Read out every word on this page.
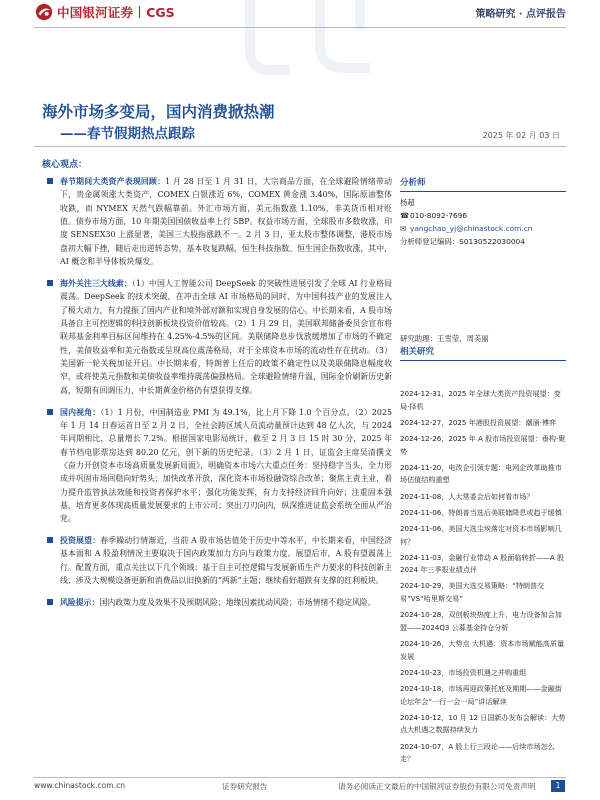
中国银河证券 CGS	策略研究 · 点评报告
海外市场多变局，国内消费掀热潮
——春节假期热点跟踪	2025 年 02 月 03 日
核心观点：
春节期间大类资产表现回顾：1 月 28 日至 1 月 31 日，大宗商品方面，在全球避险情绪带动下，贵金属领涨大类资产，COMEX 白银涨近 6%，COMEX 黄金涨 3.40%，国际原油整体收跌，而 NYMEX 天然气跌幅靠前。外汇市场方面，美元指数涨 1.10%，非美货币相对贬值。债券市场方面，10 年期美国国债收益率上行 5BP。权益市场方面，全球股市多数收涨，印度 SENSEX30 上涨显著，美国三大股指涨跌不一。2 月 3 日，亚太股市整体调整，港股市场盘初大幅下挫，随后走出逆转态势，基本收复跌幅，恒生科技指数、恒生国企指数收涨，其中，AI 概念和半导体板块爆发。
海外关注三大线索：（1）中国人工智能公司 DeepSeek 的突破性进展引发了全球 AI 行业格局震荡。DeepSeek 的技术突破，在冲击全球 AI 市场格局的同时，为中国科技产业的发展注入了极大动力，有力提振了国内产业和境外部对额和实现自身发展的信心。中长期来看，A 股市场具备自主可控逻辑的科技创新板块投资价值较高。（2）1 月 29 日，美国联邦储备委员会宣布将联邦基金利率目标区间维持在 4.25%-4.5%的区间。美联储降息步伐放缓增加了市场的不确定性，美债收益率和美元指数或呈现高位震荡格局，对于全球资本市场的流动性存在扰动。（3）美国新一轮关税加征开启。中长期来看，特朗普上任后的政策不确定性以及美联储降息幅度收窄，或将使美元指数和美债收益率维持震荡偏强格局。全球避险情绪升温，国际金价刷新历史新高，短期有回调压力，中长期黄金价格仍有望获得支撑。
国内视角：（1）1 月份，中国制造业 PMI 为 49.1%，比上月下降 1.0 个百分点。（2）2025 年 1 月 14 日春运首日至 2 月 2 日，全社会跨区域人员流动量预计达到 48 亿人次，与 2024 年同期相比，总量增长 7.2%。根据国家电影局统计，截至 2 月 3 日 15 时 30 分，2025 年春节档电影票房达到 80.20 亿元，创下新的历史纪录。（3）2 月 1 日，证监会主席吴清撰文《奋力开创资本市场高质量发展新局面》，明确资本市场六大重点任务：坚持稳字当头，全力形成并巩固市场回稳向好势头；加快改革开放，深化资本市场投融资综合改革；聚焦主责主业，着力提升监管执法效能和投资者保护水平；强化功能发挥，有力支持经济回升向好；注重固本强基，培育更多体现高质量发展要求的上市公司；突出刀刃向内，纵深推进证监会系统全面从严治党。
投资展望：春季躁动行情渐近，当前 A 股市场估值处于历史中等水平，中长期来看，中国经济基本面和 A 股盈利情况主要取决于国内政策加力方向与政策力度。展望后市，A 股有望震荡上行。配置方面，重点关注以下几个领域：基于自主可控逻辑与发展新质生产力要求的科技创新主线；涉及大规模设备更新和消费品以旧换新的“两新”主题；继续看好超跌有支撑的红利板块。
风险提示：国内政策力度及效果不及预期风险；地缘因素扰动风险；市场情绪不稳定风险。
分析师
杨超
☎010-8092-7696
✉ yangchao_yj@chinastock.com.cn
分析师登记编码：S0130522030004
研究助理：王雪莹、周美丽
相关研究
2024-12-31，2025 年全球大类资产投资展望：变局·择机
2024-12-27，2025 年港股投资展望：潮涌·博弈
2024-12-26，2025 年 A 股市场投资展望：垂构·聚势
2024-11-20，电改企引领专题：电网企改革助推市场估值结构重塑
2024-11-08，人大常委会后如何看市场？
2024-11-06，特朗普当选后美联储降息或趋于缓慎
2024-11-06，美国大选尘埃落定对资本市场影响几何？
2024-11-03，金融行业带动 A 股面临转折——A 股 2024 年三季报业绩点评
2024-10-29，美国大选交易策略：“特朗普交易”VS“哈里斯交易”
2024-10-28，双创板块热度上升，电力设备加会加盟——2024Q3 公募基金持仓分析
2024-10-26，大势点 大机遇：资本市场赋能高质量发展
2024-10-23，市场投资机遇之并购重组
2024-10-18，市场再迎政策托底及期期——金融街论坛年会“一行一会一局”讲话解读
2024-10-12，10 月 12 日国新办发布会解读：大势点大机遇之数据持续发力
2024-10-07，A 股上行三段论——后续市场怎么走？
www.chinastock.com.cn	证券研究报告	请务必阅读正文最后的中国银河证券股份有限公司免责声明	1
